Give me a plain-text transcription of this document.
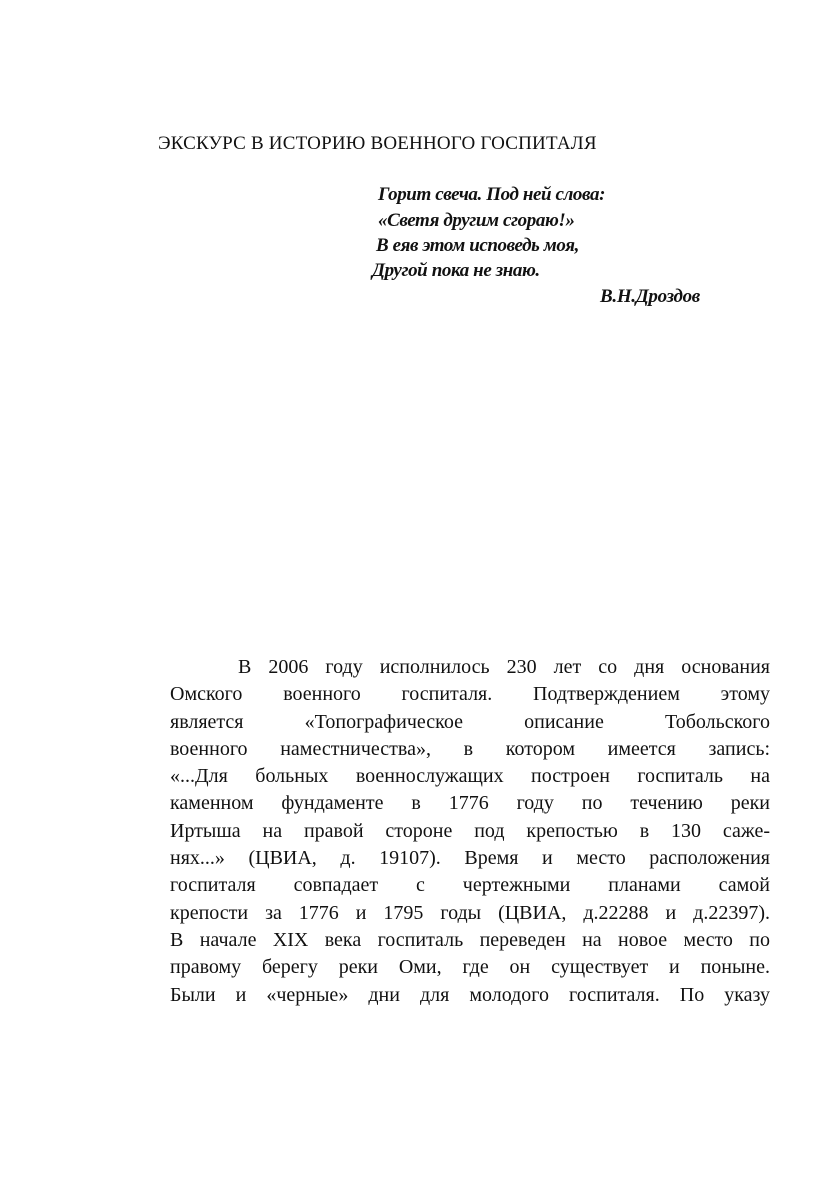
ЭКСКУРС В ИСТОРИЮ ВОЕННОГО ГОСПИТАЛЯ
Горит свеча. Под ней слова:
«Светя другим сгораю!»
В еяв этом исповедь моя,
Другой пока не знаю.
В.Н.Дроздов
В 2006 году исполнилось 230 лет со дня основания
Омского военного госпиталя. Подтверждением этому
является «Топографическое описание Тобольского
военного наместничества», в котором имеется запись:
«...Для больных военнослужащих построен госпиталь на
каменном фундаменте в 1776 году по течению реки
Иртыша на правой стороне под крепостью в 130 саже-
нях...» (ЦВИА, д. 19107). Время и место расположения
госпиталя совпадает с чертежными планами самой
крепости за 1776 и 1795 годы (ЦВИА, д.22288 и д.22397).
В начале XIX века госпиталь переведен на новое место по
правому берегу реки Оми, где он существует и поныне.
Были и «черные» дни для молодого госпиталя. По указу
